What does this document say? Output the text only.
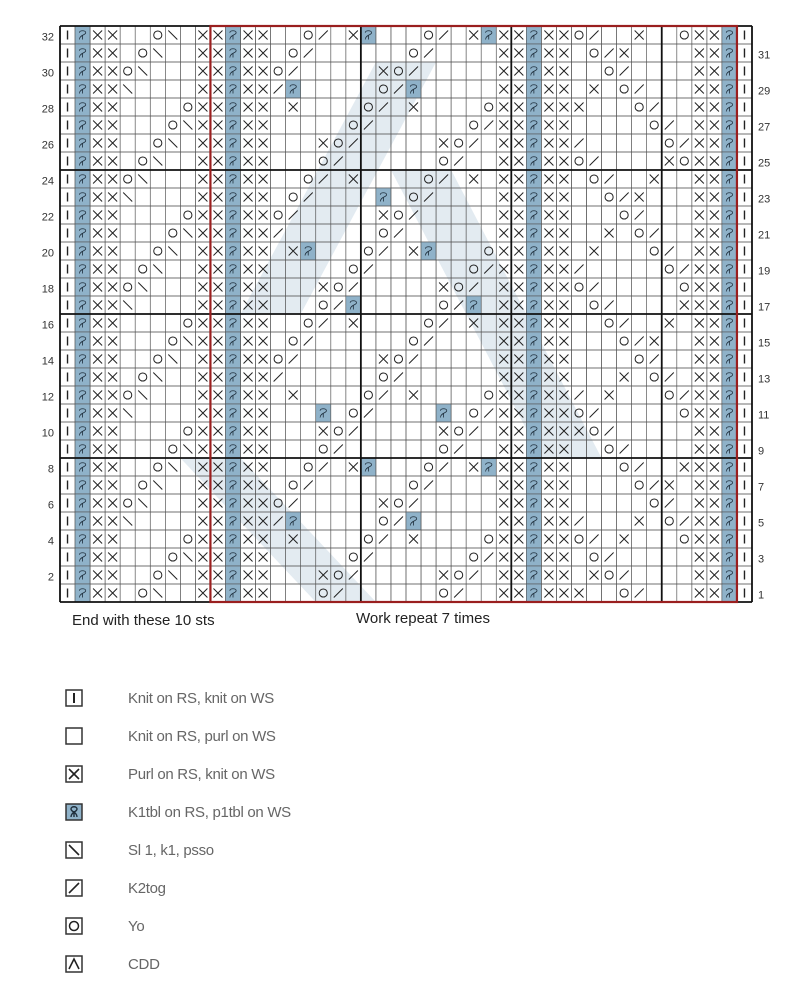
2
4
6
8
10
12
14
16
18
20
22
24
26
28
30
32
1
3
5
7
9
11
13
15
17
19
21
23
25
27
29
31
End with these 10 sts	Work repeat 7 times
Knit on RS, knit on WS
Knit on RS, purl on WS
Purl on RS, knit on WS
K1tbl on RS, p1tbl on WS
Sl 1, k1, psso
K2tog
Yo
CDD
